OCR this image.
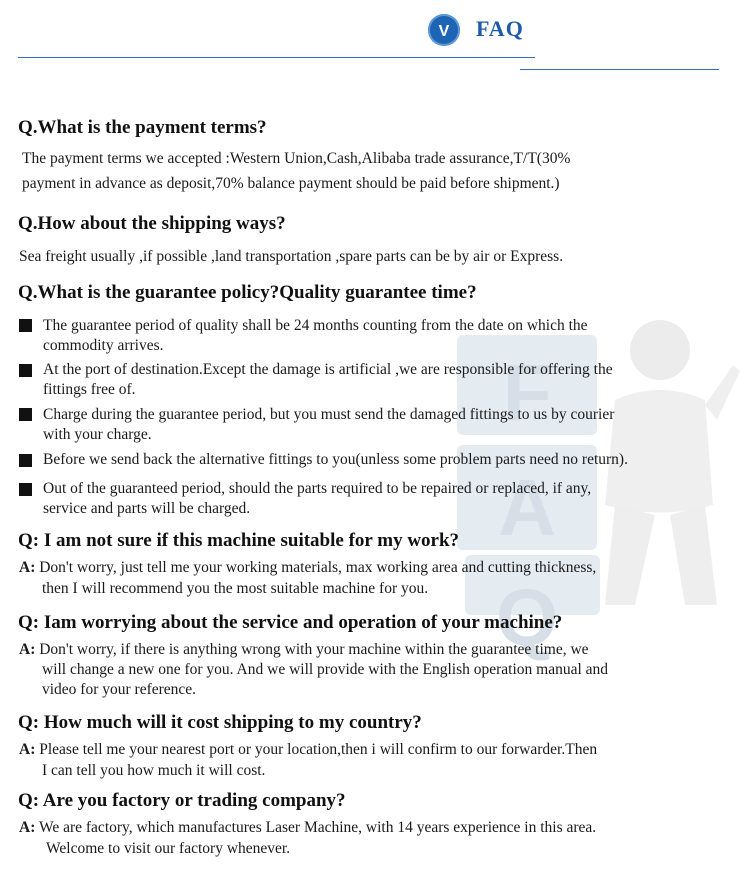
V FAQ
F
A
Q
Q.What is the payment terms?
The payment terms we accepted :Western Union,Cash,Alibaba trade assurance,T/T(30%
payment in advance as deposit,70% balance payment should be paid before shipment.)
Q.How about the shipping ways?
Sea freight usually ,if possible ,land transportation ,spare parts can be by air or Express.
Q.What is the guarantee policy?Quality guarantee time?
The guarantee period of quality shall be 24 months counting from the date on which the
commodity arrives.
At the port of destination.Except the damage is artificial ,we are responsible for offering the
fittings free of.
Charge during the guarantee period, but you must send the damaged fittings to us by courier
with your charge.
Before we send back the alternative fittings to you(unless some problem parts need no return).
Out of the guaranteed period, should the parts required to be repaired or replaced, if any,
service and parts will be charged.
Q: I am not sure if this machine suitable for my work?
A: Don't worry, just tell me your working materials, max working area and cutting thickness,
then I will recommend you the most suitable machine for you.
Q: Iam worrying about the service and operation of your machine?
A: Don't worry, if there is anything wrong with your machine within the guarantee time, we
will change a new one for you. And we will provide with the English operation manual and
video for your reference.
Q: How much will it cost shipping to my country?
A: Please tell me your nearest port or your location,then i will confirm to our forwarder.Then
I can tell you how much it will cost.
Q: Are you factory or trading company?
A: We are factory, which manufactures Laser Machine, with 14 years experience in this area.
Welcome to visit our factory whenever.
